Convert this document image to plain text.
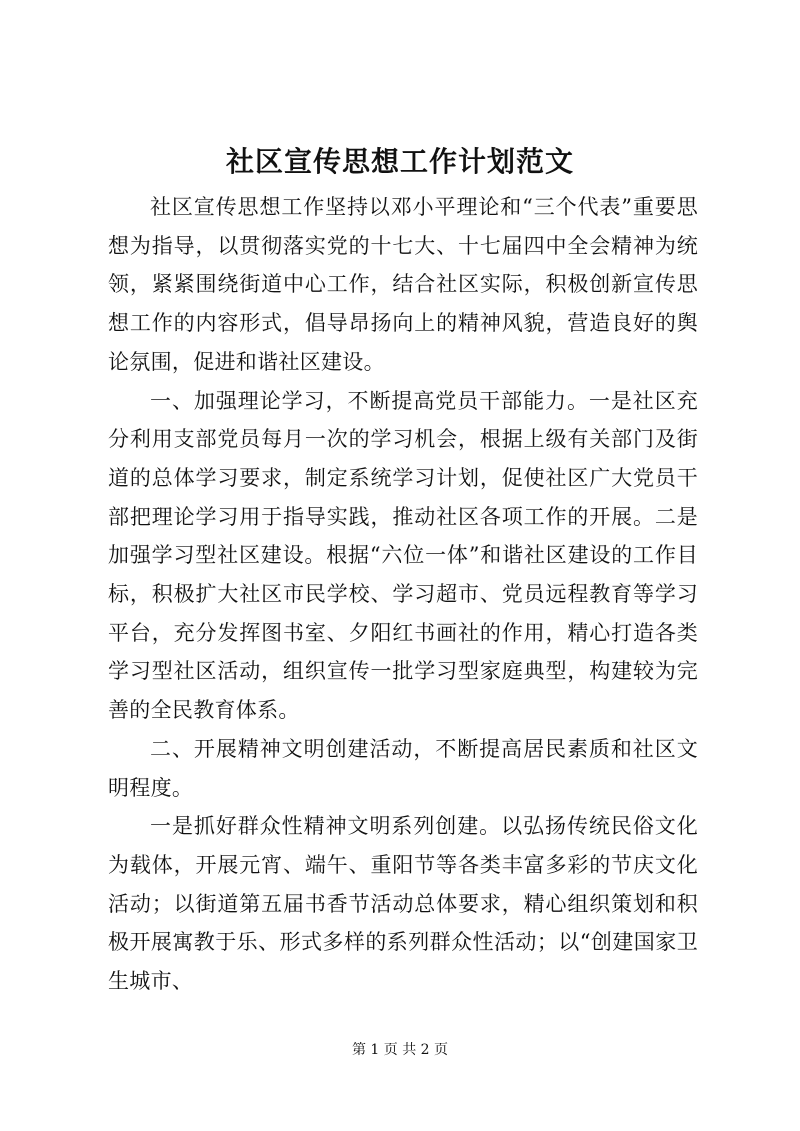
社区宣传思想工作计划范文

社区宣传思想工作坚持以邓小平理论和“三个代表”重要思想为指导，以贯彻落实党的十七大、十七届四中全会精神为统领，紧紧围绕街道中心工作，结合社区实际，积极创新宣传思想工作的内容形式，倡导昂扬向上的精神风貌，营造良好的舆论氛围，促进和谐社区建设。

一、加强理论学习，不断提高党员干部能力。一是社区充分利用支部党员每月一次的学习机会，根据上级有关部门及街道的总体学习要求，制定系统学习计划，促使社区广大党员干部把理论学习用于指导实践，推动社区各项工作的开展。二是加强学习型社区建设。根据“六位一体”和谐社区建设的工作目标，积极扩大社区市民学校、学习超市、党员远程教育等学习平台，充分发挥图书室、夕阳红书画社的作用，精心打造各类学习型社区活动，组织宣传一批学习型家庭典型，构建较为完善的全民教育体系。

二、开展精神文明创建活动，不断提高居民素质和社区文明程度。

一是抓好群众性精神文明系列创建。以弘扬传统民俗文化为载体，开展元宵、端午、重阳节等各类丰富多彩的节庆文化活动；以街道第五届书香节活动总体要求，精心组织策划和积极开展寓教于乐、形式多样的系列群众性活动；以“创建国家卫生城市、

第 1 页 共 2 页
